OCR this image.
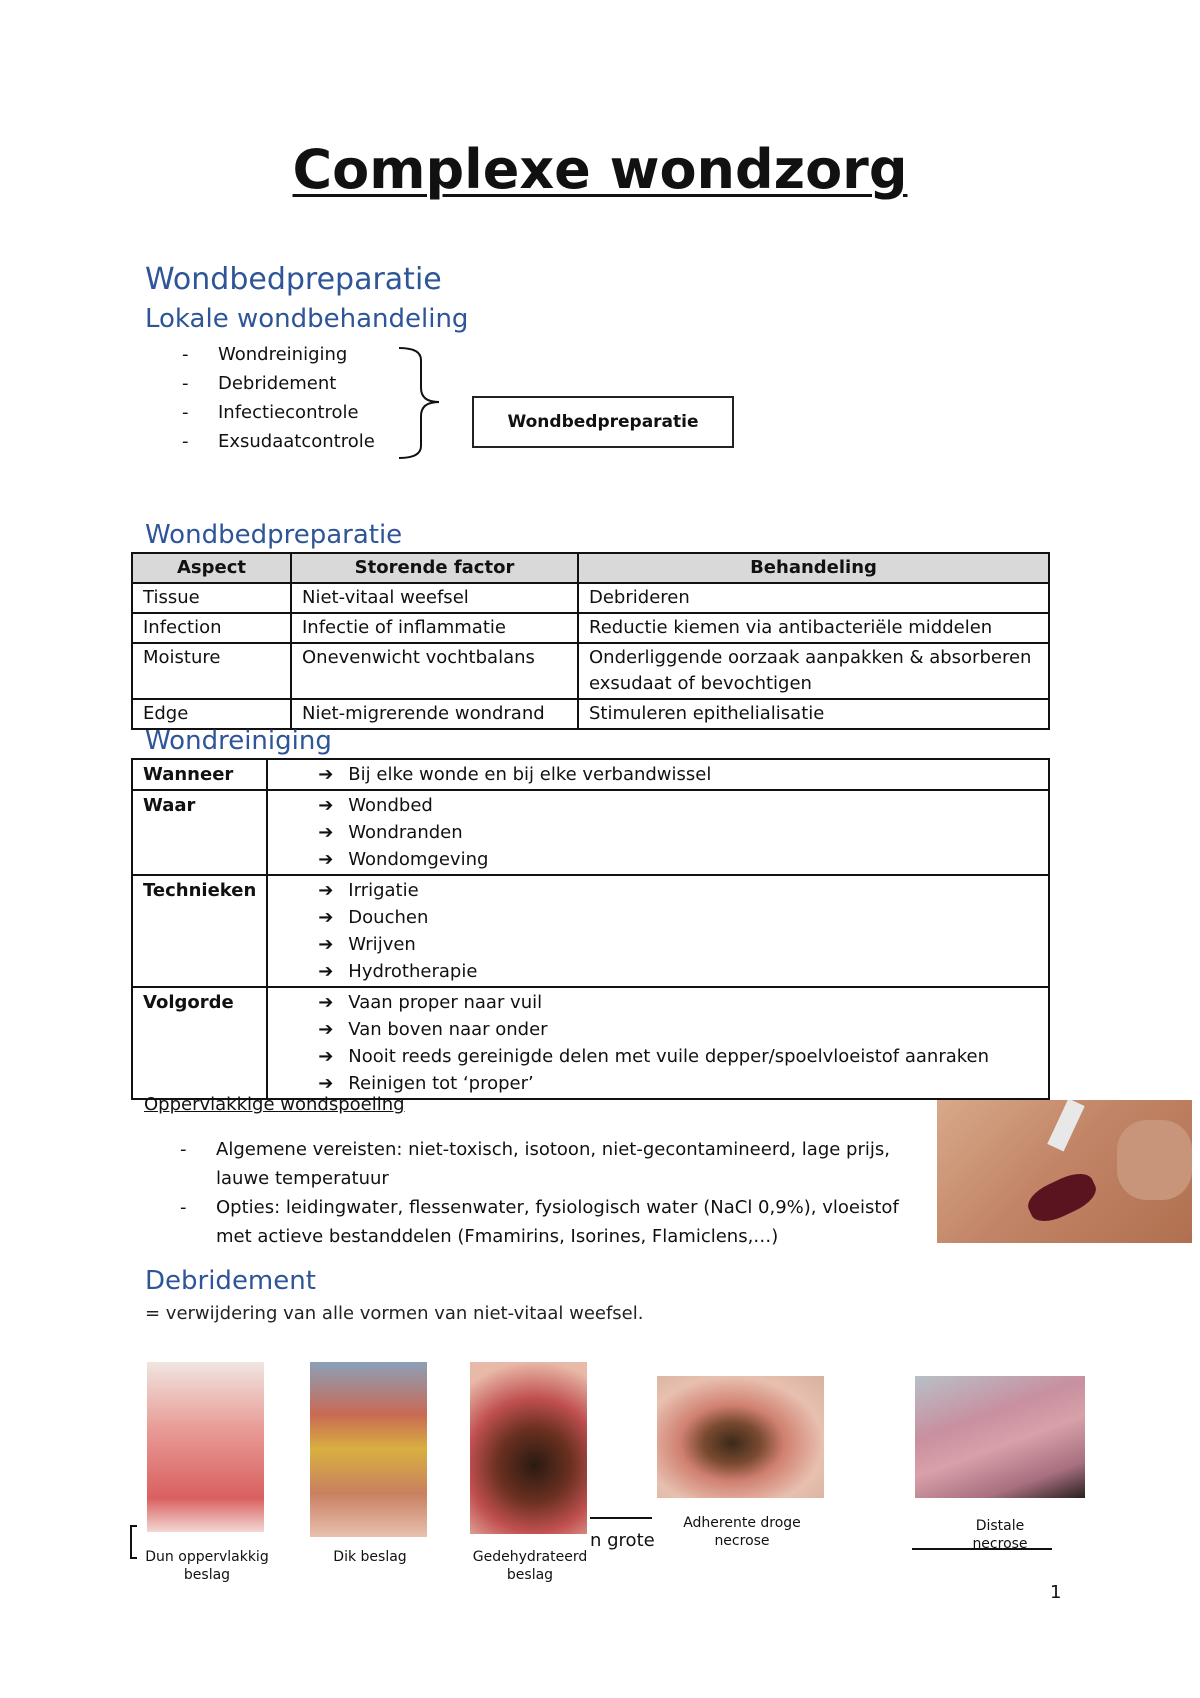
Complexe wondzorg
Wondbedpreparatie
Lokale wondbehandeling
- Wondreiniging
- Debridement
- Infectiecontrole
- Exsudaatcontrole
Wondbedpreparatie
Wondbedpreparatie
Aspect	Storende factor	Behandeling
Tissue	Niet-vitaal weefsel	Debrideren
Infection	Infectie of inflammatie	Reductie kiemen via antibacteriële middelen
Moisture	Onevenwicht vochtbalans	Onderliggende oorzaak aanpakken & absorberen exsudaat of bevochtigen
Edge	Niet-migrerende wondrand	Stimuleren epithelialisatie
Wondreiniging
Wanneer	➔ Bij elke wonde en bij elke verbandwissel

Waar	➔ Wondbed
➔ Wondranden
➔ Wondomgeving

Technieken	➔ Irrigatie
➔ Douchen
➔ Wrijven
➔ Hydrotherapie

Volgorde	➔ Vaan proper naar vuil
➔ Van boven naar onder
➔ Nooit reeds gereinigde delen met vuile depper/spoelvloeistof aanraken
➔ Reinigen tot ‘proper’
Oppervlakkige wondspoeling
- Algemene vereisten: niet-toxisch, isotoon, niet-gecontamineerd, lage prijs, lauwe temperatuur
- Opties: leidingwater, flessenwater, fysiologisch water (NaCl 0,9%), vloeistof met actieve bestanddelen (Fmamirins, Isorines, Flamiclens,…)
Debridement
= verwijdering van alle vormen van niet-vitaal weefsel.
n grote
Dun oppervlakkig beslag
Dik beslag	Gedehydrateerd beslag
Adherente droge necrose
Distale necrose
1
